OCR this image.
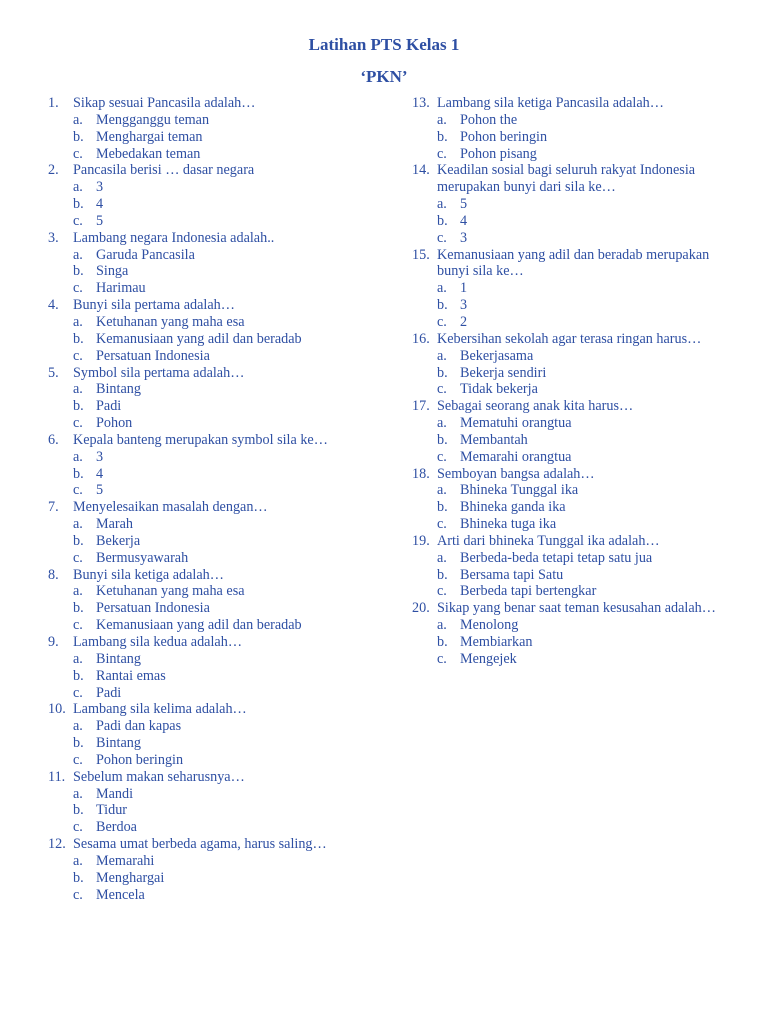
Latihan PTS Kelas 1
‘PKN’
1. Sikap sesuai Pancasila adalah…
a. Mengganggu teman
b. Menghargai teman
c. Mebedakan teman
2. Pancasila berisi … dasar negara
a. 3
b. 4
c. 5
3. Lambang negara Indonesia adalah..
a. Garuda Pancasila
b. Singa
c. Harimau
4. Bunyi sila pertama adalah…
a. Ketuhanan yang maha esa
b. Kemanusiaan yang adil dan beradab
c. Persatuan Indonesia
5. Symbol sila pertama adalah…
a. Bintang
b. Padi
c. Pohon
6. Kepala banteng merupakan symbol sila ke…
a. 3
b. 4
c. 5
7. Menyelesaikan masalah dengan…
a. Marah
b. Bekerja
c. Bermusyawarah
8. Bunyi sila ketiga adalah…
a. Ketuhanan yang maha esa
b. Persatuan Indonesia
c. Kemanusiaan yang adil dan beradab
9. Lambang sila kedua adalah…
a. Bintang
b. Rantai emas
c. Padi
10. Lambang sila kelima adalah…
a. Padi dan kapas
b. Bintang
c. Pohon beringin
11. Sebelum makan seharusnya…
a. Mandi
b. Tidur
c. Berdoa
12. Sesama umat berbeda agama, harus saling…
a. Memarahi
b. Menghargai
c. Mencela
13. Lambang sila ketiga Pancasila adalah…
a. Pohon the
b. Pohon beringin
c. Pohon pisang
14. Keadilan sosial bagi seluruh rakyat Indonesia merupakan bunyi dari sila ke…
a. 5
b. 4
c. 3
15. Kemanusiaan yang adil dan beradab merupakan bunyi sila ke…
a. 1
b. 3
c. 2
16. Kebersihan sekolah agar terasa ringan harus…
a. Bekerjasama
b. Bekerja sendiri
c. Tidak bekerja
17. Sebagai seorang anak kita harus…
a. Mematuhi orangtua
b. Membantah
c. Memarahi orangtua
18. Semboyan bangsa adalah…
a. Bhineka Tunggal ika
b. Bhineka ganda ika
c. Bhineka tuga ika
19. Arti dari bhineka Tunggal ika adalah…
a. Berbeda-beda tetapi tetap satu jua
b. Bersama tapi Satu
c. Berbeda tapi bertengkar
20. Sikap yang benar saat teman kesusahan adalah…
a. Menolong
b. Membiarkan
c. Mengejek
